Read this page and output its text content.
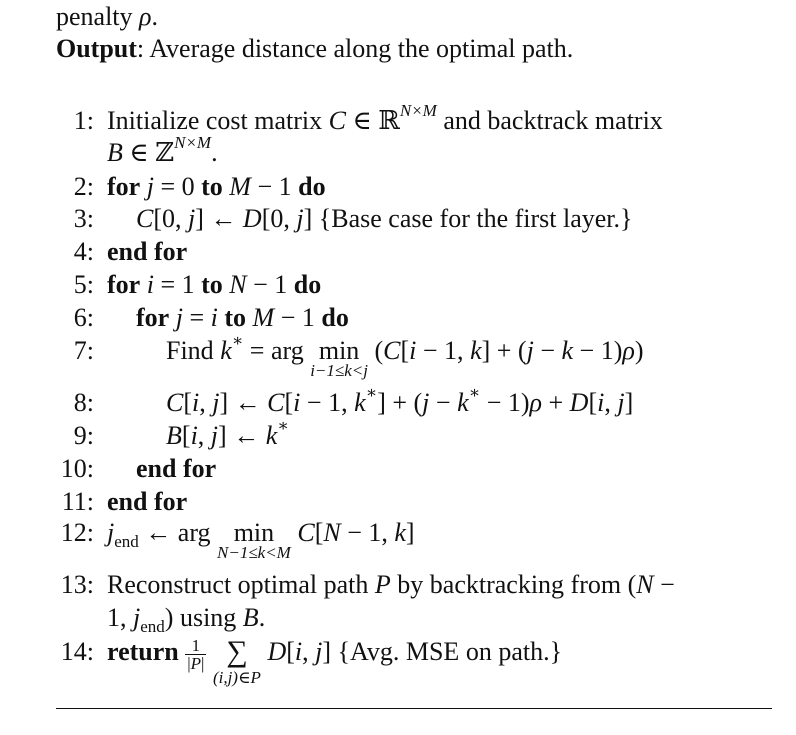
penalty ρ.
Output: Average distance along the optimal path.
1: Initialize cost matrix C ∈ ℝ$^{N\times M}$ and backtrack matrix
B ∈ ℤ$^{N\times M}$.
2: for j = 0 to M − 1 do
3: C[0, j] ← D[0, j] {Base case for the first layer.}
4: end for
5: for i = 1 to N − 1 do
6: for j = i to M − 1 do
7:	Find k∗ = arg min
i−1≤k<j
(C[i − 1, k] + (j − k − 1)ρ)
8:	C[i, j] ← C[i − 1, k∗] + (j − k∗ − 1)ρ + D[i, j]
9:	B[i, j] ← k∗
10: end for
11: end for
12: $j_{end}$ ← arg min
N−1≤k<M
C[N − 1, k]
13: Reconstruct optimal path P by backtracking from (N −
1, $j_{end}$) using B.
14: return $\frac{1}{|P|}$
∑
(i,j)∈P
D[i, j] {Avg. MSE on path.}
